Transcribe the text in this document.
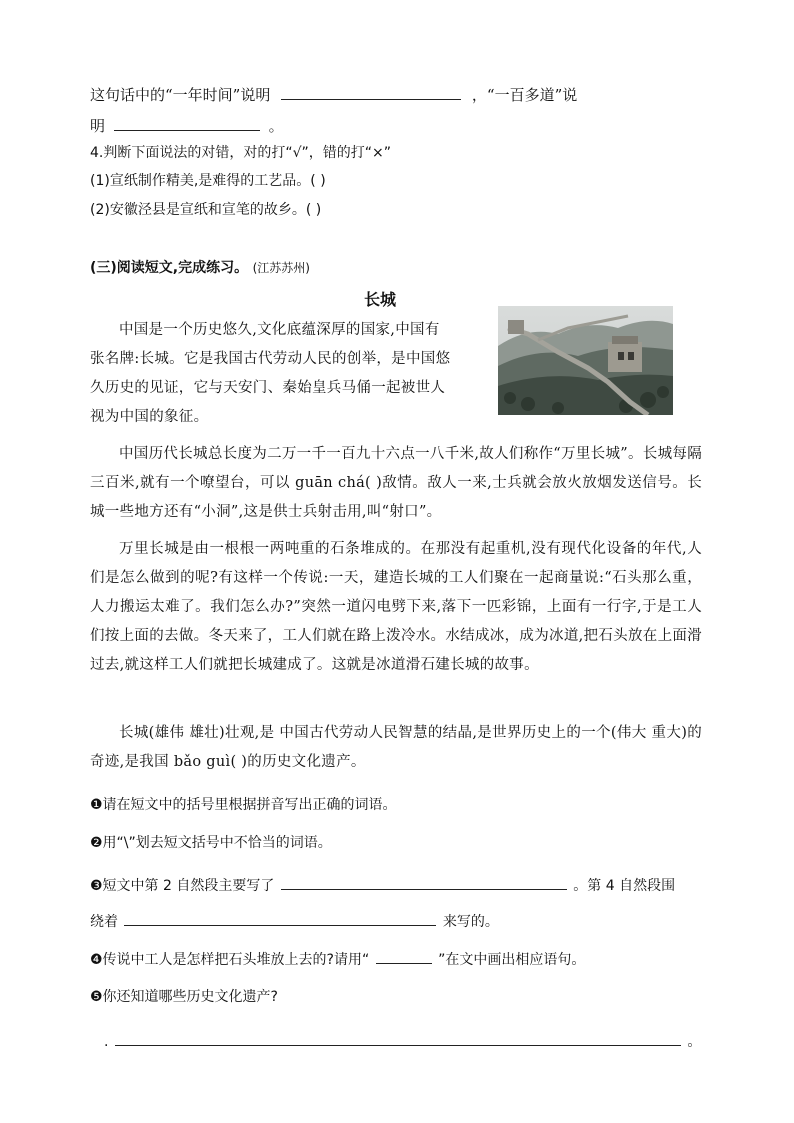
这句话中的“一年时间”说明	，“一百多道”说
明	。
4.判断下面说法的对错，对的打“√”，错的打“×”
(1)宣纸制作精美,是难得的工艺品。( )
(2)安徽泾县是宣纸和宣笔的故乡。( )
(三)阅读短文,完成练习。 (江苏苏州)
长城

中国是一个历史悠久,文化底蕴深厚的国家,中国有

张名牌:长城。它是我国古代劳动人民的创举，是中国悠

久历史的见证，它与天安门、秦始皇兵马俑一起被世人

视为中国的象征。

中国历代长城总长度为二万一千一百九十六点一八千米,故人们称作“万里长城”。长城每隔三百米,就有一个嘹望台，可以 guān chá( )敌情。敌人一来,士兵就会放火放烟发送信号。长城一些地方还有“小洞”,这是供士兵射击用,叫“射口”。

万里长城是由一根根一两吨重的石条堆成的。在那没有起重机,没有现代化设备的年代,人们是怎么做到的呢?有这样一个传说:一天，建造长城的工人们聚在一起商量说:“石头那么重，人力搬运太难了。我们怎么办?”突然一道闪电劈下来,落下一匹彩锦，上面有一行字,于是工人们按上面的去做。冬天来了，工人们就在路上泼冷水。水结成冰，成为冰道,把石头放在上面滑过去,就这样工人们就把长城建成了。这就是冰道滑石建长城的故事。

长城(雄伟 雄壮)壮观,是 中国古代劳动人民智慧的结晶,是世界历史上的一个(伟大 重大)的奇迹,是我国 bǎo guì( )的历史文化遗产。

❶请在短文中的括号里根据拼音写出正确的词语。
❷用“\”划去短文括号中不恰当的词语。
❸短文中第 2 自然段主要写了	。第 4 自然段围
绕着	来写的。
❹传说中工人是怎样把石头堆放上去的?请用“	”在文中画出相应语句。
❺你还知道哪些历史文化遗产?
.	。
